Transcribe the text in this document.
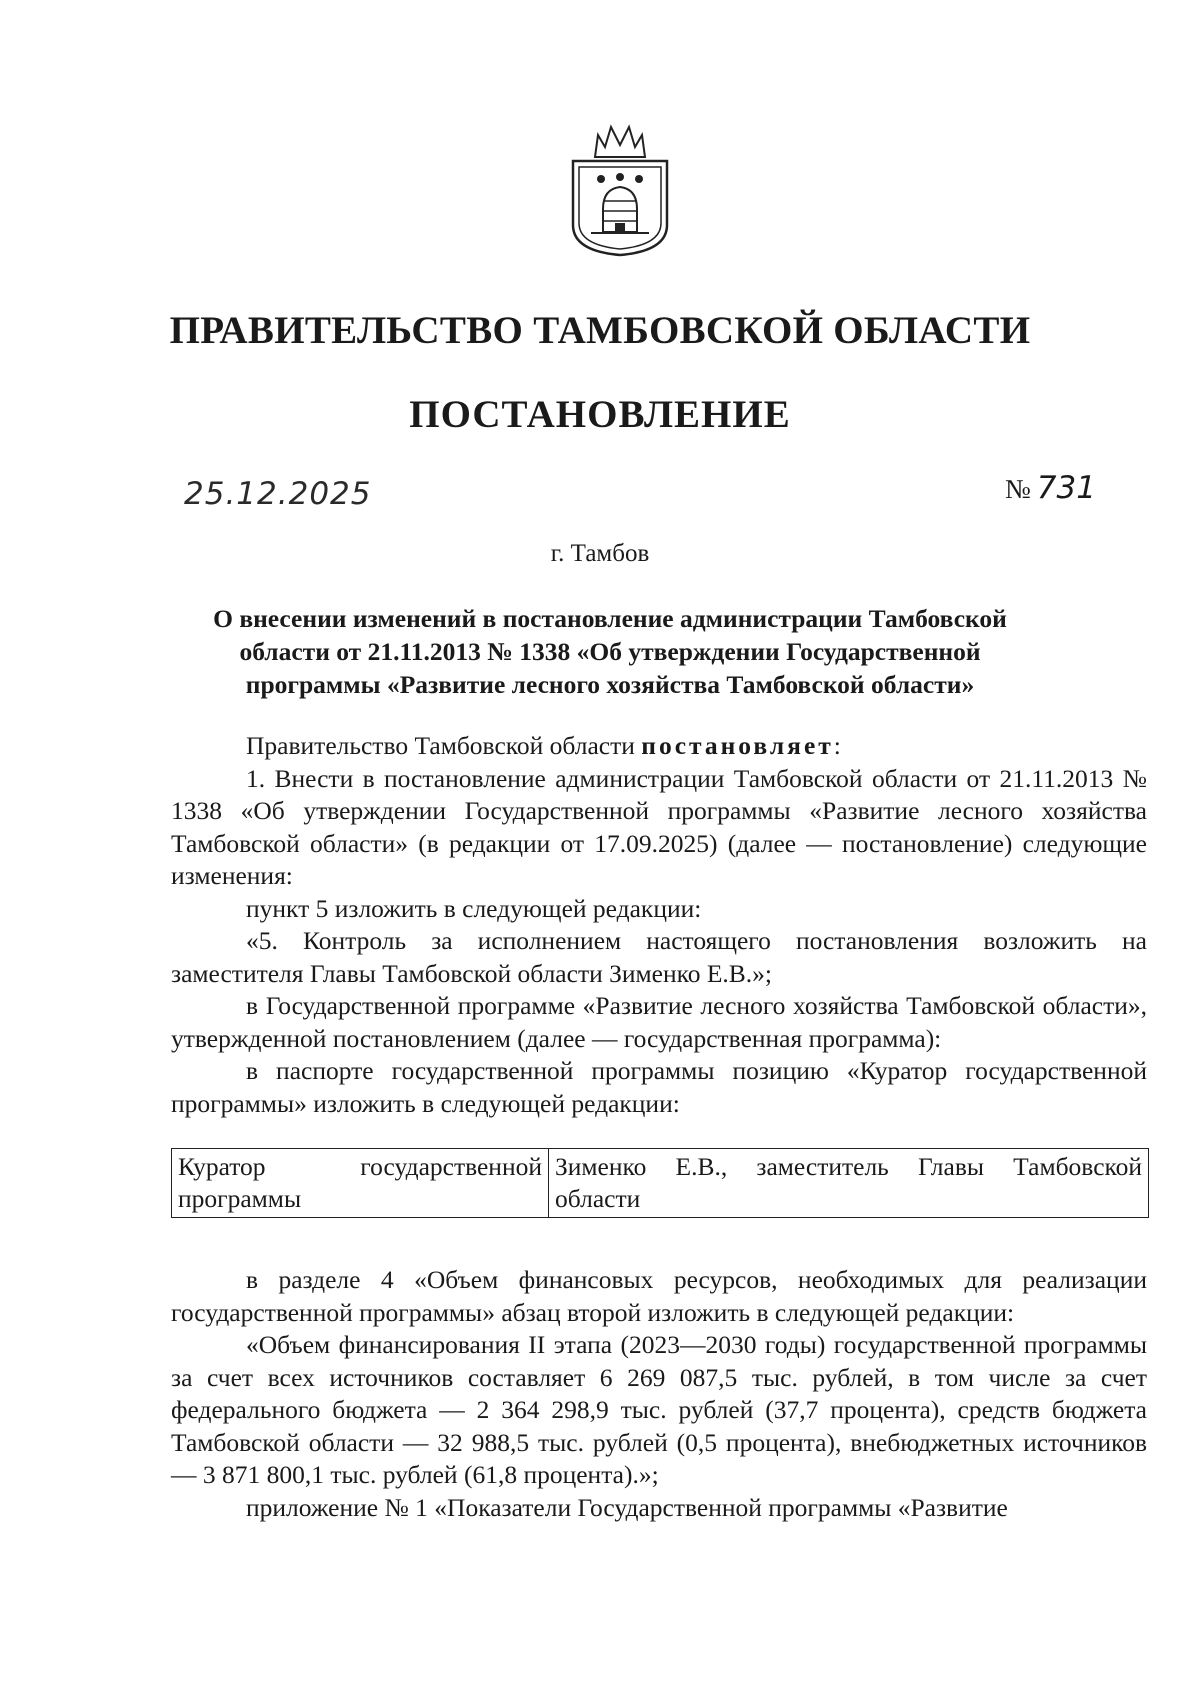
ПРАВИТЕЛЬСТВО ТАМБОВСКОЙ ОБЛАСТИ
ПОСТАНОВЛЕНИЕ
25.12.2025	№ 731
г. Тамбов
О внесении изменений в постановление администрации Тамбовской области от 21.11.2013 № 1338 «Об утверждении Государственной программы «Развитие лесного хозяйства Тамбовской области»

Правительство Тамбовской области постановляет:

1. Внести в постановление администрации Тамбовской области от 21.11.2013 № 1338 «Об утверждении Государственной программы «Развитие лесного хозяйства Тамбовской области» (в редакции от 17.09.2025) (далее — постановление) следующие изменения:

пункт 5 изложить в следующей редакции:

«5. Контроль за исполнением настоящего постановления возложить на заместителя Главы Тамбовской области Зименко Е.В.»;

в Государственной программе «Развитие лесного хозяйства Тамбовской области», утвержденной постановлением (далее — государственная программа):

в паспорте государственной программы позицию «Куратор государственной программы» изложить в следующей редакции:

Куратор государственной программы	Зименко Е.В., заместитель Главы Тамбовской области

в разделе 4 «Объем финансовых ресурсов, необходимых для реализации государственной программы» абзац второй изложить в следующей редакции:

«Объем финансирования II этапа (2023—2030 годы) государственной программы за счет всех источников составляет 6 269 087,5 тыс. рублей, в том числе за счет федерального бюджета — 2 364 298,9 тыс. рублей (37,7 процента), средств бюджета Тамбовской области — 32 988,5 тыс. рублей (0,5 процента), внебюджетных источников — 3 871 800,1 тыс. рублей (61,8 процента).»;

приложение № 1 «Показатели Государственной программы «Развитие
